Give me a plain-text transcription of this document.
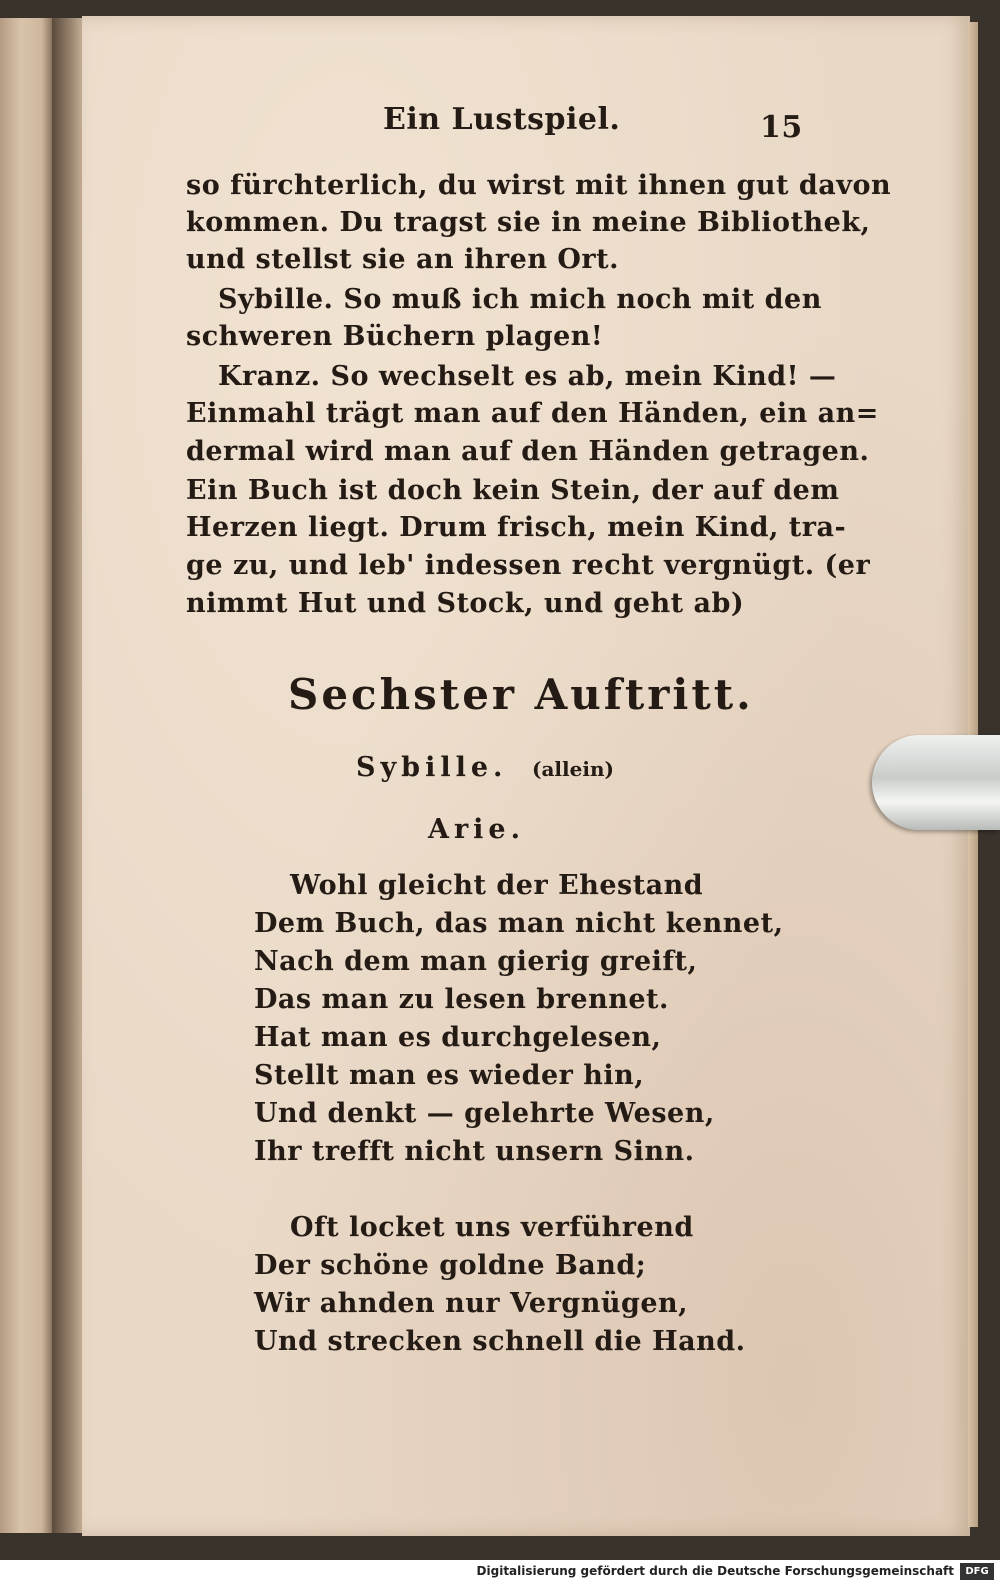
Ein Lustspiel.	15
so fürchterlich, du wirst mit ihnen gut davon
kommen. Du tragst sie in meine Bibliothek,
und stellst sie an ihren Ort.
Sybille. So muß ich mich noch mit den
schweren Büchern plagen!
Kranz. So wechselt es ab, mein Kind! —
Einmahl trägt man auf den Händen, ein an=
dermal wird man auf den Händen getragen.
Ein Buch ist doch kein Stein, der auf dem
Herzen liegt. Drum frisch, mein Kind, tra-
ge zu, und leb' indessen recht vergnügt. (er
nimmt Hut und Stock, und geht ab)
Sechster Auftritt.
Sybille. (allein)
Arie.
Wohl gleicht der Ehestand
Dem Buch, das man nicht kennet,
Nach dem man gierig greift,
Das man zu lesen brennet.
Hat man es durchgelesen,
Stellt man es wieder hin,
Und denkt — gelehrte Wesen,
Ihr trefft nicht unsern Sinn.
Oft locket uns verführend
Der schöne goldne Band;
Wir ahnden nur Vergnügen,
Und strecken schnell die Hand.
Digitalisierung gefördert durch die Deutsche Forschungsgemeinschaft	DFG
